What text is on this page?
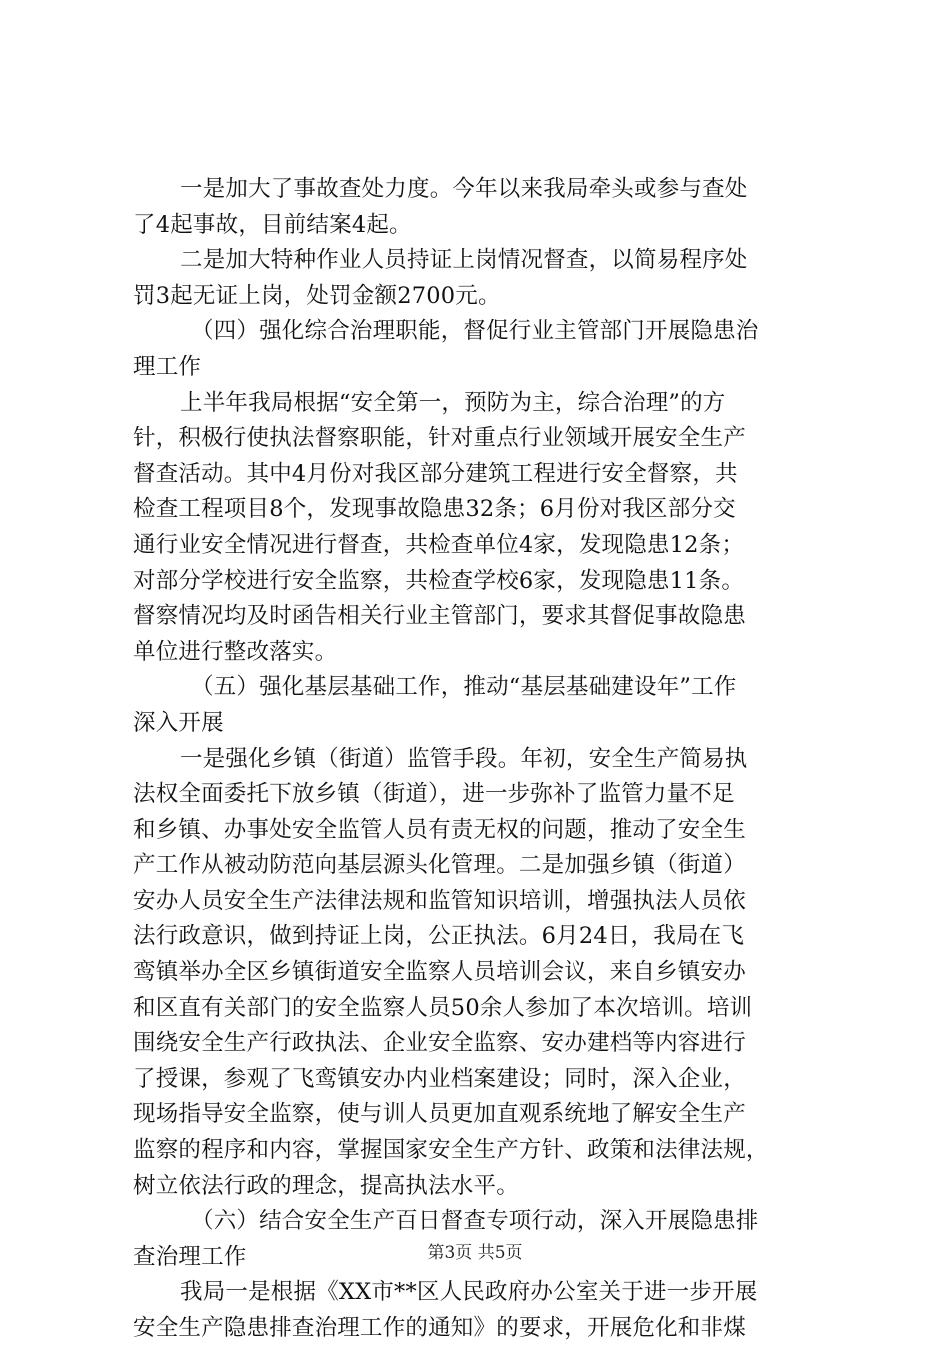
一是加大了事故查处力度。今年以来我局牵头或参与查处
了4起事故，目前结案4起。
二是加大特种作业人员持证上岗情况督查，以简易程序处
罚3起无证上岗，处罚金额2700元。
（四）强化综合治理职能，督促行业主管部门开展隐患治
理工作
上半年我局根据“安全第一，预防为主，综合治理”的方
针，积极行使执法督察职能，针对重点行业领域开展安全生产
督查活动。其中4月份对我区部分建筑工程进行安全督察，共
检查工程项目8个，发现事故隐患32条；6月份对我区部分交
通行业安全情况进行督查，共检查单位4家，发现隐患12条；
对部分学校进行安全监察，共检查学校6家，发现隐患11条。
督察情况均及时函告相关行业主管部门，要求其督促事故隐患
单位进行整改落实。
（五）强化基层基础工作，推动“基层基础建设年”工作
深入开展
一是强化乡镇（街道）监管手段。年初，安全生产简易执
法权全面委托下放乡镇（街道），进一步弥补了监管力量不足
和乡镇、办事处安全监管人员有责无权的问题，推动了安全生
产工作从被动防范向基层源头化管理。二是加强乡镇（街道）
安办人员安全生产法律法规和监管知识培训，增强执法人员依
法行政意识，做到持证上岗，公正执法。6月24日，我局在飞
鸾镇举办全区乡镇街道安全监察人员培训会议，来自乡镇安办
和区直有关部门的安全监察人员50余人参加了本次培训。培训
围绕安全生产行政执法、企业安全监察、安办建档等内容进行
了授课，参观了飞鸾镇安办内业档案建设；同时，深入企业，
现场指导安全监察，使与训人员更加直观系统地了解安全生产
监察的程序和内容，掌握国家安全生产方针、政策和法律法规，
树立依法行政的理念，提高执法水平。
（六）结合安全生产百日督查专项行动，深入开展隐患排
查治理工作
我局一是根据《XX市**区人民政府办公室关于进一步开展
安全生产隐患排查治理工作的通知》的要求，开展危化和非煤
第3页 共5页
